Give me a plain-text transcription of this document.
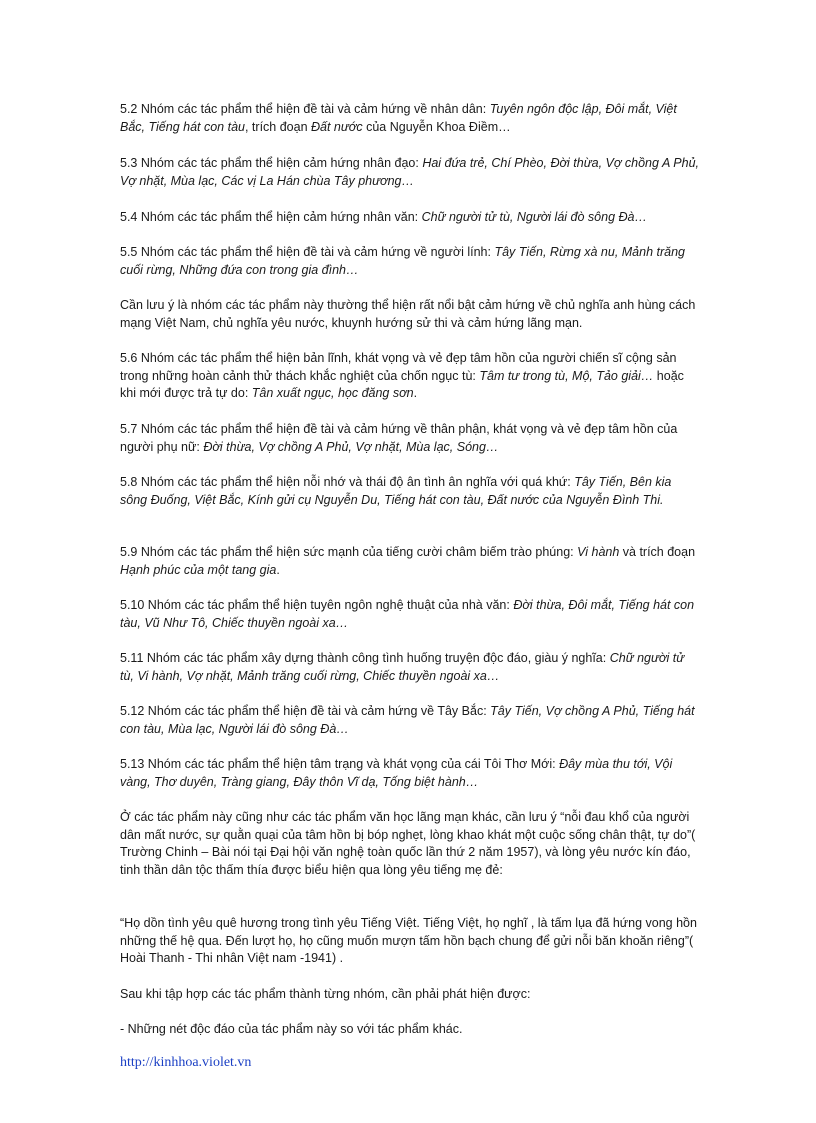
5.2 Nhóm các tác phẩm thể hiện đề tài và cảm hứng về nhân dân: Tuyên ngôn độc lập, Đôi mắt, Việt Bắc, Tiếng hát con tàu, trích đoạn Đất nước của Nguyễn Khoa Điềm…

5.3 Nhóm các tác phẩm thể hiện cảm hứng nhân đạo: Hai đứa trẻ, Chí Phèo, Đời thừa, Vợ chồng A Phủ, Vợ nhặt, Mùa lạc, Các vị La Hán chùa Tây phương…

5.4 Nhóm các tác phẩm thể hiện cảm hứng nhân văn: Chữ người tử tù, Người lái đò sông Đà…

5.5 Nhóm các tác phẩm thể hiện đề tài và cảm hứng về người lính: Tây Tiến, Rừng xà nu, Mảnh trăng cuối rừng, Những đứa con trong gia đình…

Cần lưu ý là nhóm các tác phẩm này thường thể hiện rất nổi bật cảm hứng về chủ nghĩa anh hùng cách mạng Việt Nam, chủ nghĩa yêu nước, khuynh hướng sử thi và cảm hứng lãng mạn.

5.6 Nhóm các tác phẩm thể hiện bản lĩnh, khát vọng và vẻ đẹp tâm hồn của người chiến sĩ cộng sản trong những hoàn cảnh thử thách khắc nghiệt của chốn ngục tù: Tâm tư trong tù, Mộ, Tảo giải… hoặc khi mới được trả tự do: Tân xuất ngục, học đăng sơn.

5.7 Nhóm các tác phẩm thể hiện đề tài và cảm hứng về thân phận, khát vọng và vẻ đẹp tâm hồn của người phụ nữ: Đời thừa, Vợ chồng A Phủ, Vợ nhặt, Mùa lạc, Sóng…

5.8 Nhóm các tác phẩm thể hiện nỗi nhớ và thái độ ân tình ân nghĩa với quá khứ: Tây Tiến, Bên kia sông Đuống, Việt Bắc, Kính gửi cụ Nguyễn Du, Tiếng hát con tàu, Đất nước của Nguyễn Đình Thi.

5.9 Nhóm các tác phẩm thể hiện sức mạnh của tiếng cười châm biếm trào phúng: Vi hành và trích đoạn Hạnh phúc của một tang gia.

5.10 Nhóm các tác phẩm thể hiện tuyên ngôn nghệ thuật của nhà văn: Đời thừa, Đôi mắt, Tiếng hát con tàu, Vũ Như Tô, Chiếc thuyền ngoài xa…

5.11 Nhóm các tác phẩm xây dựng thành công tình huống truyện độc đáo, giàu ý nghĩa: Chữ người tử tù, Vi hành, Vợ nhặt, Mảnh trăng cuối rừng, Chiếc thuyền ngoài xa…

5.12 Nhóm các tác phẩm thể hiện đề tài và cảm hứng về Tây Bắc: Tây Tiến, Vợ chồng A Phủ, Tiếng hát con tàu, Mùa lạc, Người lái đò sông Đà…

5.13 Nhóm các tác phẩm thể hiện tâm trạng và khát vọng của cái Tôi Thơ Mới: Đây mùa thu tới, Vội vàng, Thơ duyên, Tràng giang, Đây thôn Vĩ dạ, Tống biệt hành…

Ở các tác phẩm này cũng như các tác phẩm văn học lãng mạn khác, cần lưu ý “nỗi đau khổ của người dân mất nước, sự quằn quại của tâm hồn bị bóp nghẹt, lòng khao khát một cuộc sống chân thật, tự do”( Trường Chinh – Bài nói tại Đại hội văn nghệ toàn quốc lần thứ 2 năm 1957), và lòng yêu nước kín đáo, tinh thần dân tộc thấm thía được biểu hiện qua lòng yêu tiếng mẹ đẻ:

“Họ dồn tình yêu quê hương trong tình yêu Tiếng Việt. Tiếng Việt, họ nghĩ , là tấm lụa đã hứng vong hồn những thế hệ qua. Đến lượt họ, họ cũng muốn mượn tấm hồn bạch chung để gửi nỗi băn khoăn riêng”( Hoài Thanh - Thi nhân Việt nam -1941) .

Sau khi tập hợp các tác phẩm thành từng nhóm, cần phải phát hiện được:

- Những nét độc đáo của tác phẩm này so với tác phẩm khác.

http://kinhhoa.violet.vn
